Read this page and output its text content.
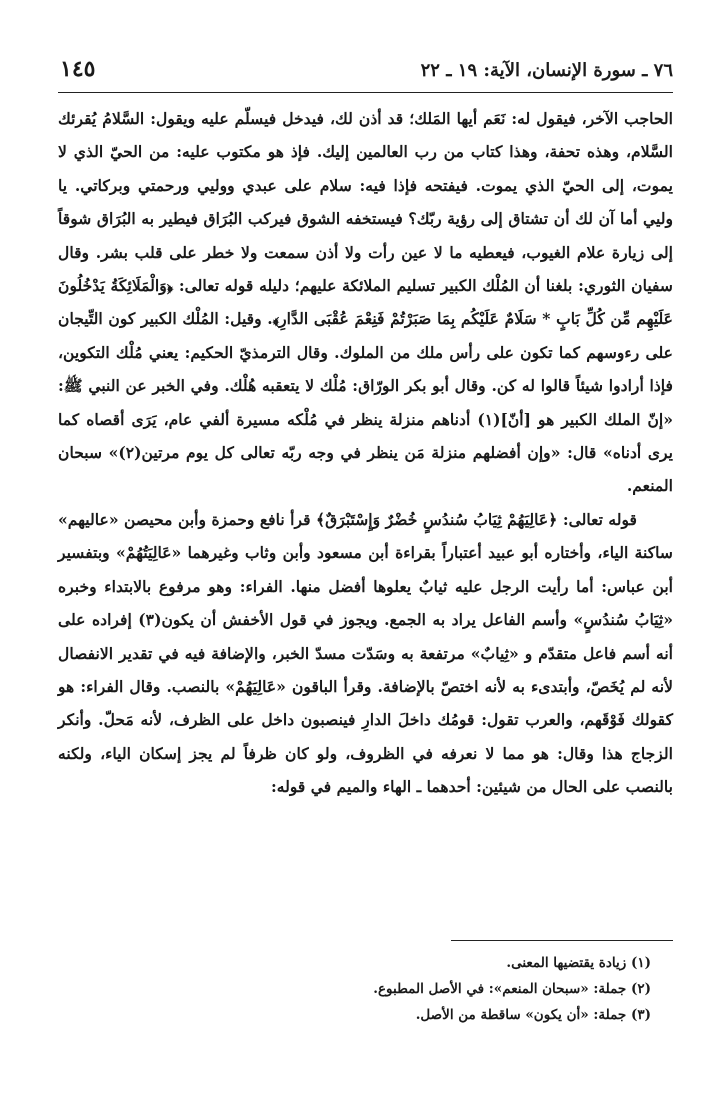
٧٦ ـ سورة الإنسان، الآية: ١٩ ـ ٢٢
١٤٥

الحاجب الآخر، فيقول له: نَعَم أيها المَلك؛ قد أذن لك، فيدخل فيسلّم عليه ويقول: السَّلامُ يُقرئك السَّلام، وهذه تحفة، وهذا كتاب من رب العالمين إليك. فإذ هو مكتوب عليه: من الحيّ الذي لا يموت، إلى الحيّ الذي يموت. فيفتحه فإذا فيه: سلام على عبدي ووليي ورحمتي وبركاتي. يا وليي أما آن لك أن تشتاق إلى رؤية ربّك؟ فيستخفه الشوق فيركب البُرَاق فيطير به البُرَاق شوقاً إلى زيارة علام الغيوب، فيعطيه ما لا عين رأت ولا أذن سمعت ولا خطر على قلب بشر. وقال سفيان الثوري: بلغنا أن المُلْك الكبير تسليم الملائكة عليهم؛ دليله قوله تعالى: ﴿وَالْمَلَائِكَةُ يَدْخُلُونَ عَلَيْهِم مِّن كُلِّ بَابٍ * سَلَامٌ عَلَيْكُم بِمَا صَبَرْتُمْ فَنِعْمَ عُقْبَى الدَّارِ﴾. وقيل: المُلْك الكبير كون التِّيجان على رءوسهم كما تكون على رأس ملك من الملوك. وقال الترمذيّ الحكيم: يعني مُلْك التكوين، فإذا أرادوا شيئاً قالوا له كن. وقال أبو بكر الورّاق: مُلْك لا يتعقبه هُلْك. وفي الخبر عن النبي ﷺ: «إنّ الملك الكبير هو [أنّ](١) أدناهم منزلة ينظر في مُلْكه مسيرة ألفي عام، يَرَى أقصاه كما يرى أدناه» قال: «وإن أفضلهم منزلة مَن ينظر في وجه ربّه تعالى كل يوم مرتين(٢)» سبحان المنعم.

قوله تعالى: ﴿عَالِيَهُمْ ثِيَابُ سُندُسٍ خُضْرٌ وَإِسْتَبْرَقٌ﴾ قرأ نافع وحمزة وأبن محيصن «عاليهم» ساكنة الياء، وأختاره أبو عبيد أعتباراً بقراءة أبن مسعود وأبن وثاب وغيرهما «عَالِيَتُهُمْ» وبتفسير أبن عباس: أما رأيت الرجل عليه ثيابٌ يعلوها أفضل منها. الفراء: وهو مرفوع بالابتداء وخبره «ثِيَابُ سُندُسٍ» وأسم الفاعل يراد به الجمع. ويجوز في قول الأخفش أن يكون(٣) إفراده على أنه أسم فاعل متقدّم و «ثِيابٌ» مرتفعة به وسَدّت مسدّ الخبر، والإضافة فيه في تقدير الانفصال لأنه لم يُخَصّ، وأبتدىء به لأنه اختصّ بالإضافة. وقرأ الباقون «عَالِيَهُمْ» بالنصب. وقال الفراء: هو كقولك فَوْقَهم، والعرب تقول: قومُك داخلَ الدارِ فينصبون داخل على الظرف، لأنه مَحلّ. وأنكر الزجاج هذا وقال: هو مما لا نعرفه في الظروف، ولو كان ظرفاً لم يجز إسكان الياء، ولكنه بالنصب على الحال من شيئين: أحدهما ـ الهاء والميم في قوله:

(١) زيادة يقتضيها المعنى.
(٢) جملة: «سبحان المنعم»: في الأصل المطبوع.
(٣) جملة: «أن يكون» ساقطة من الأصل.
